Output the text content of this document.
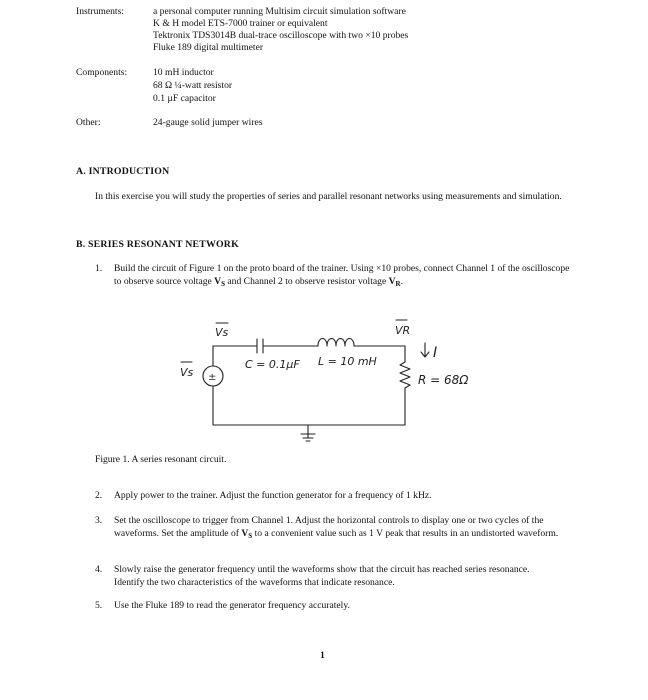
Instruments:	a personal computer running Multisim circuit simulation software
K & H model ETS-7000 trainer or equivalent
Tektronix TDS3014B dual-trace oscilloscope with two ×10 probes
Fluke 189 digital multimeter
Components:	10 mH inductor
68 Ω ¼-watt resistor
0.1 µF capacitor
Other:	24-gauge solid jumper wires
A. INTRODUCTION
In this exercise you will study the properties of series and parallel resonant networks using measurements and simulation.
B. SERIES RESONANT NETWORK
1. Build the circuit of Figure 1 on the proto board of the trainer. Using ×10 probes, connect Channel 1 of the oscilloscope to observe source voltage $V_S$ and Channel 2 to observe resistor voltage $V_R$.
Vs
Vs ±
VR
C = 0.1µF L = 10 mH
I
R = 68Ω
Figure 1. A series resonant circuit.
2. Apply power to the trainer. Adjust the function generator for a frequency of 1 kHz.
3. Set the oscilloscope to trigger from Channel 1. Adjust the horizontal controls to display one or two cycles of the waveforms. Set the amplitude of $V_S$ to a convenient value such as 1 V peak that results in an undistorted waveform.
4. Slowly raise the generator frequency until the waveforms show that the circuit has reached series resonance. Identify the two characteristics of the waveforms that indicate resonance.
5. Use the Fluke 189 to read the generator frequency accurately.
1
